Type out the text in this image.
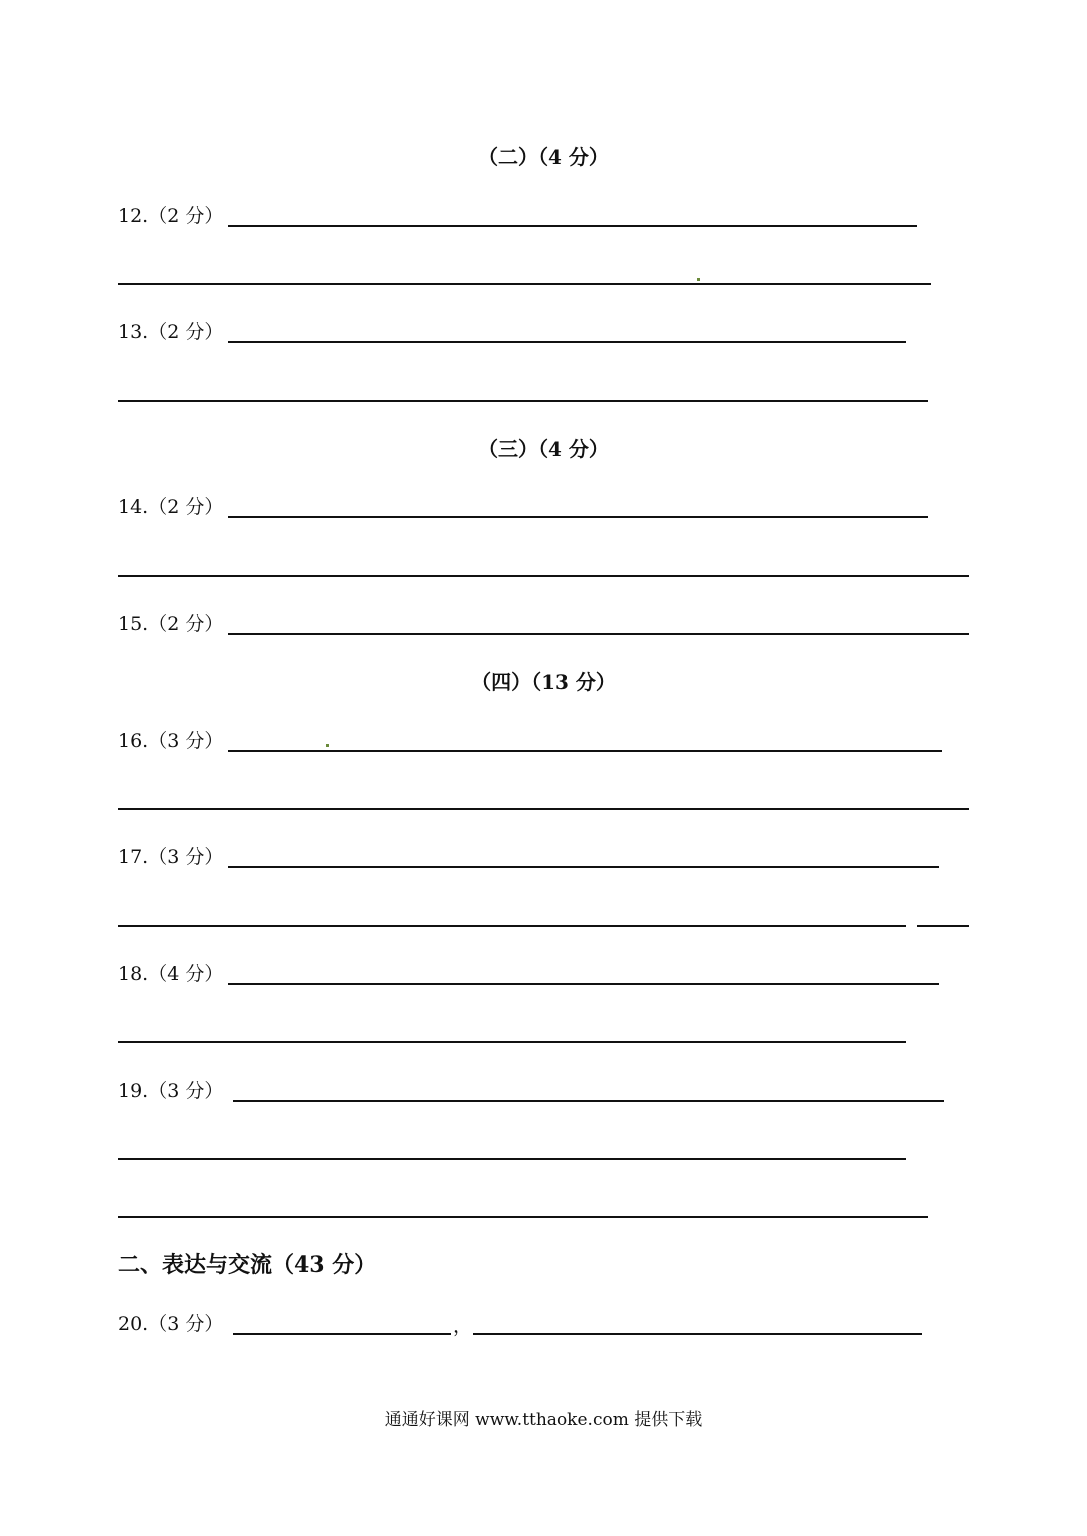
（二）（4 分）
12.（2 分）
13.（2 分）
（三）（4 分）
14.（2 分）
15.（2 分）
（四）（13 分）
16.（3 分）
17.（3 分）
18.（4 分）
19.（3 分）
二、表达与交流（43 分）
20.（3 分）	，
通通好课网 www.tthaoke.com 提供下载
